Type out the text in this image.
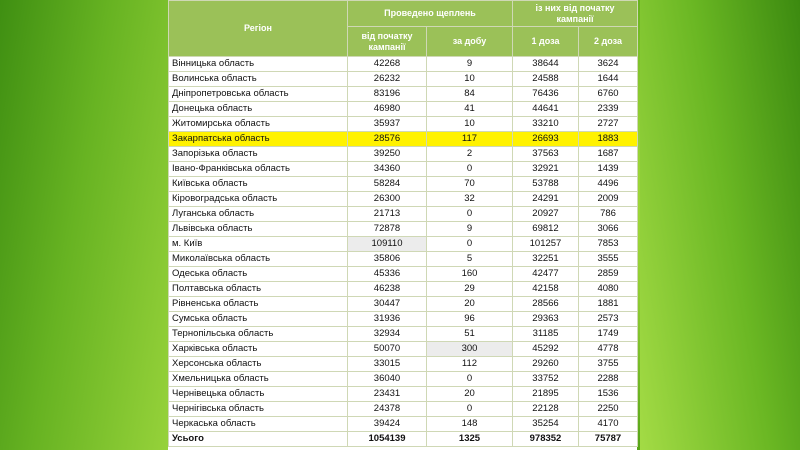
Регіон	Проведено щеплень		із них від початку кампанії	
	від початку кампанії	за добу	1 доза	2 доза
Вінницька область	42268	9	38644	3624
Волинська область	26232	10	24588	1644
Дніпропетровська область	83196	84	76436	6760
Донецька область	46980	41	44641	2339
Житомирська область	35937	10	33210	2727
Закарпатська область	28576	117	26693	1883
Запорізька область	39250	2	37563	1687
Івано-Франківська область	34360	0	32921	1439
Київська область	58284	70	53788	4496
Кіровоградська область	26300	32	24291	2009
Луганська область	21713	0	20927	786
Львівська область	72878	9	69812	3066
м. Київ	109110	0	101257	7853
Миколаївська область	35806	5	32251	3555
Одеська область	45336	160	42477	2859
Полтавська область	46238	29	42158	4080
Рівненська область	30447	20	28566	1881
Сумська область	31936	96	29363	2573
Тернопільська область	32934	51	31185	1749
Харківська область	50070	300	45292	4778
Херсонська область	33015	112	29260	3755
Хмельницька область	36040	0	33752	2288
Чернівецька область	23431	20	21895	1536
Чернігівська область	24378	0	22128	2250
Черкаська область	39424	148	35254	4170
Усього	1054139	1325	978352	75787
